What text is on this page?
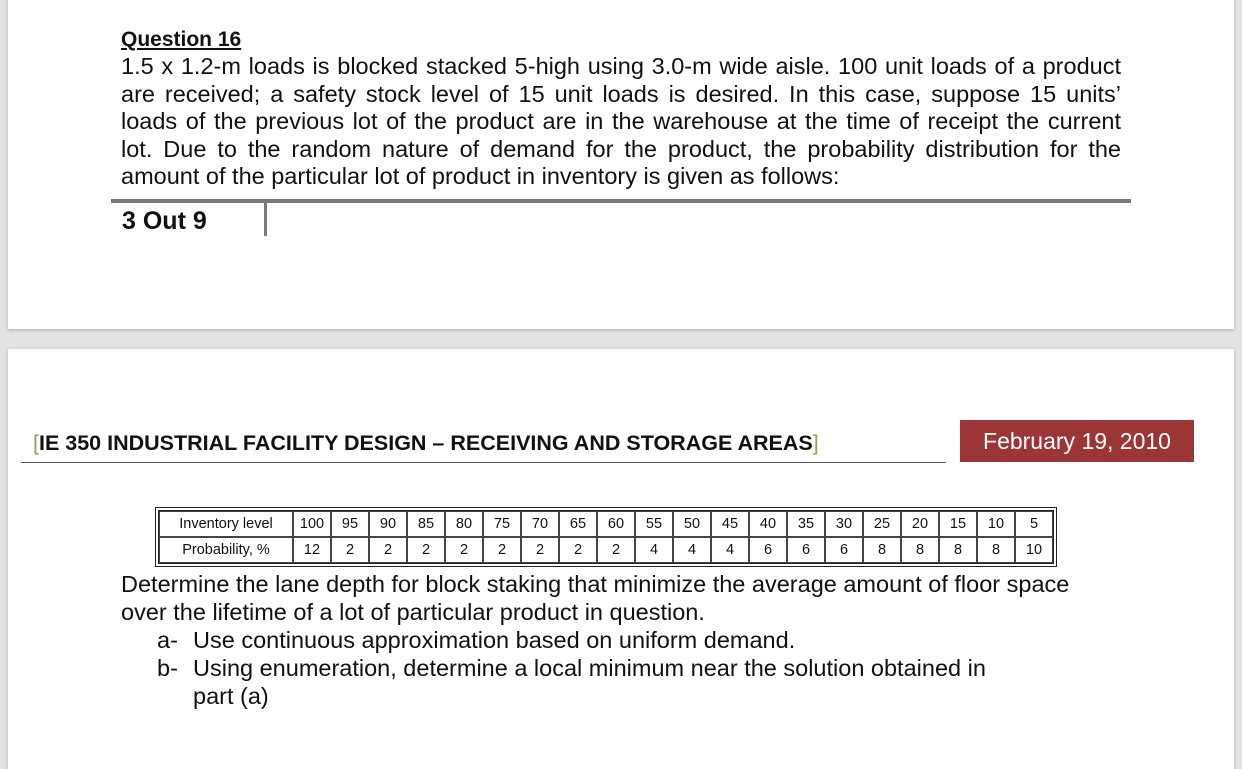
Question 16
1.5 x 1.2-m loads is blocked stacked 5-high using 3.0-m wide aisle. 100 unit loads of a product are received; a safety stock level of 15 unit loads is desired. In this case, suppose 15 units’ loads of the previous lot of the product are in the warehouse at the time of receipt the current lot. Due to the random nature of demand for the product, the probability distribution for the amount of the particular lot of product in inventory is given as follows:
3 Out 9
[IE 350 INDUSTRIAL FACILITY DESIGN – RECEIVING AND STORAGE AREAS]	February 19, 2010
Inventory level	100	95	90	85	80	75	70	65	60	55	50	45	40	35	30	25	20	15	10	5
Probability, %	12	2	2	2	2	2	2	2	2	4	4	4	6	6	6	8	8	8	8	10
Determine the lane depth for block staking that minimize the average amount of floor space over the lifetime of a lot of particular product in question.
a- Use continuous approximation based on uniform demand.
b- Using enumeration, determine a local minimum near the solution obtained in part (a)
